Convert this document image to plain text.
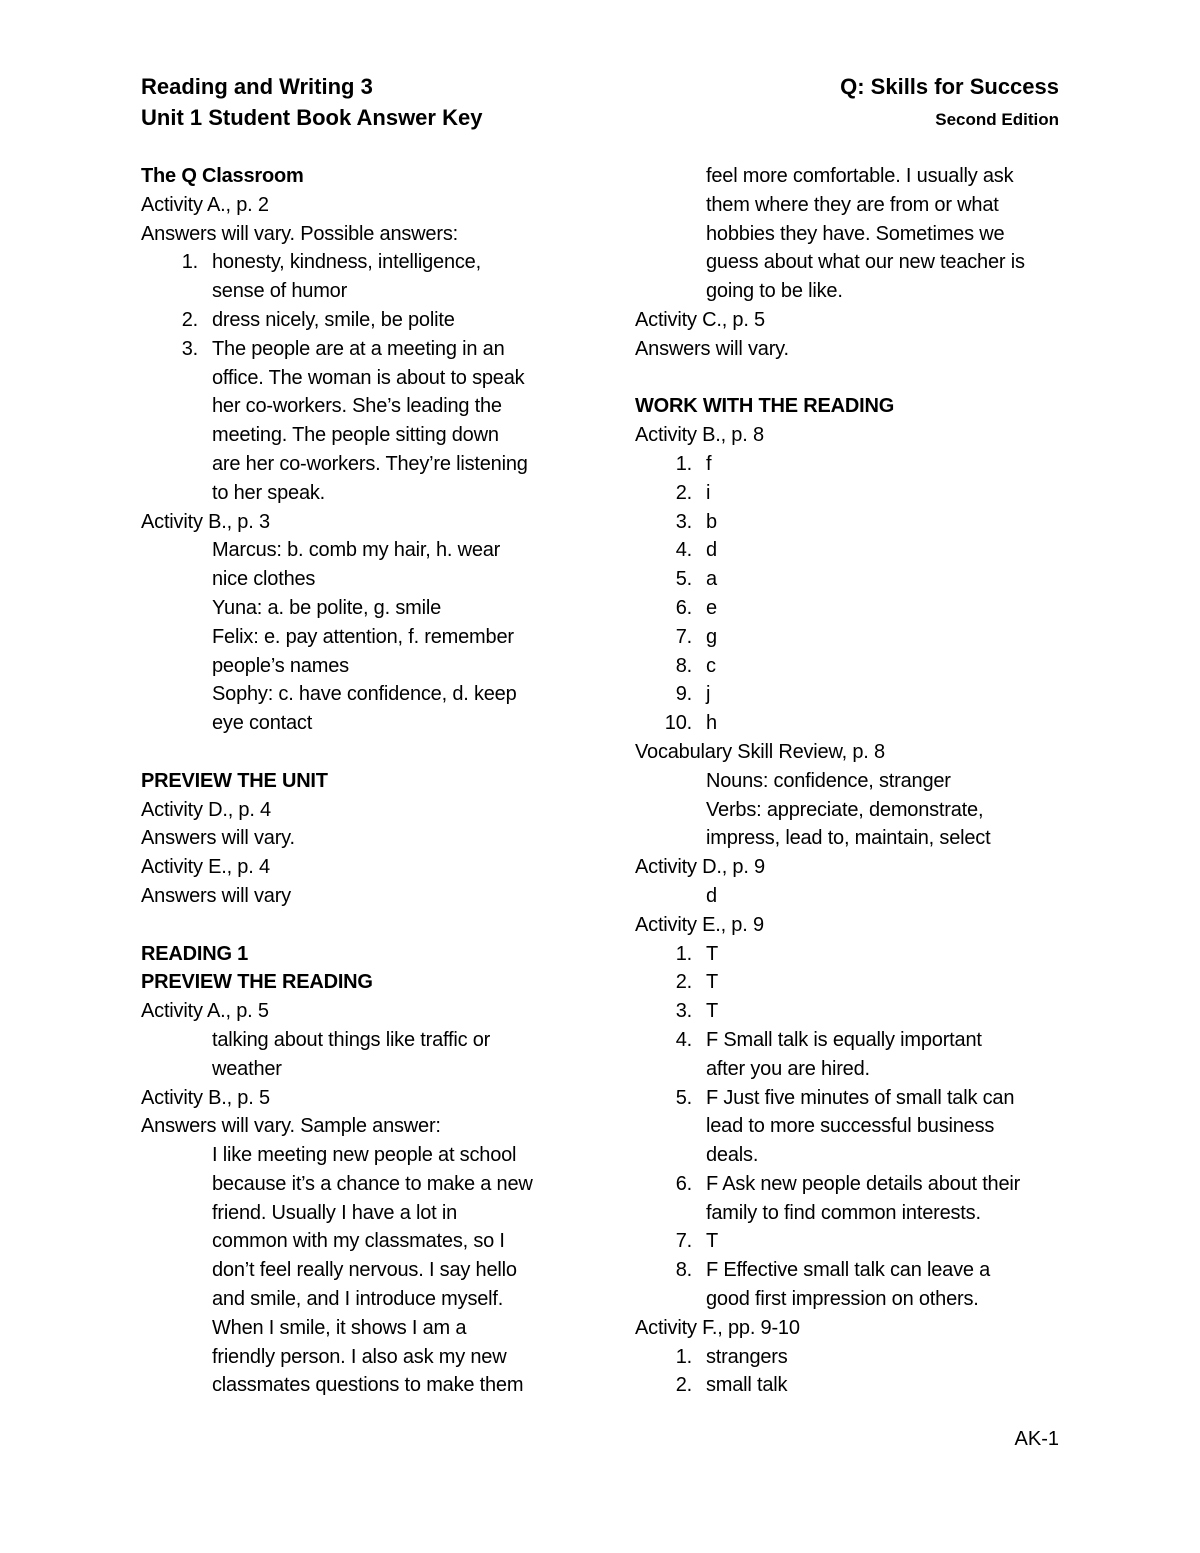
Reading and Writing 3
Unit 1 Student Book Answer Key
Q: Skills for Success
Second Edition
The Q Classroom
Activity A., p. 2
Answers will vary. Possible answers:
1. honesty, kindness, intelligence,
sense of humor
2. dress nicely, smile, be polite
3. The people are at a meeting in an
office. The woman is about to speak
her co-workers. She’s leading the
meeting. The people sitting down
are her co-workers. They’re listening
to her speak.
Activity B., p. 3
Marcus: b. comb my hair, h. wear
nice clothes
Yuna: a. be polite, g. smile
Felix: e. pay attention, f. remember
people’s names
Sophy: c. have confidence, d. keep
eye contact
PREVIEW THE UNIT
Activity D., p. 4
Answers will vary.
Activity E., p. 4
Answers will vary
READING 1
PREVIEW THE READING
Activity A., p. 5
talking about things like traffic or
weather
Activity B., p. 5
Answers will vary. Sample answer:
I like meeting new people at school
because it’s a chance to make a new
friend. Usually I have a lot in
common with my classmates, so I
don’t feel really nervous. I say hello
and smile, and I introduce myself.
When I smile, it shows I am a
friendly person. I also ask my new
classmates questions to make them
feel more comfortable. I usually ask
them where they are from or what
hobbies they have. Sometimes we
guess about what our new teacher is
going to be like.
Activity C., p. 5
Answers will vary.
WORK WITH THE READING
Activity B., p. 8
1. f
2. i
3. b
4. d
5. a
6. e
7. g
8. c
9. j
10. h
Vocabulary Skill Review, p. 8
Nouns: confidence, stranger
Verbs: appreciate, demonstrate,
impress, lead to, maintain, select
Activity D., p. 9
d
Activity E., p. 9
1. T
2. T
3. T
4. F Small talk is equally important
after you are hired.
5. F Just five minutes of small talk can
lead to more successful business
deals.
6. F Ask new people details about their
family to find common interests.
7. T
8. F Effective small talk can leave a
good first impression on others.
Activity F., pp. 9-10
1. strangers
2. small talk
AK-1
